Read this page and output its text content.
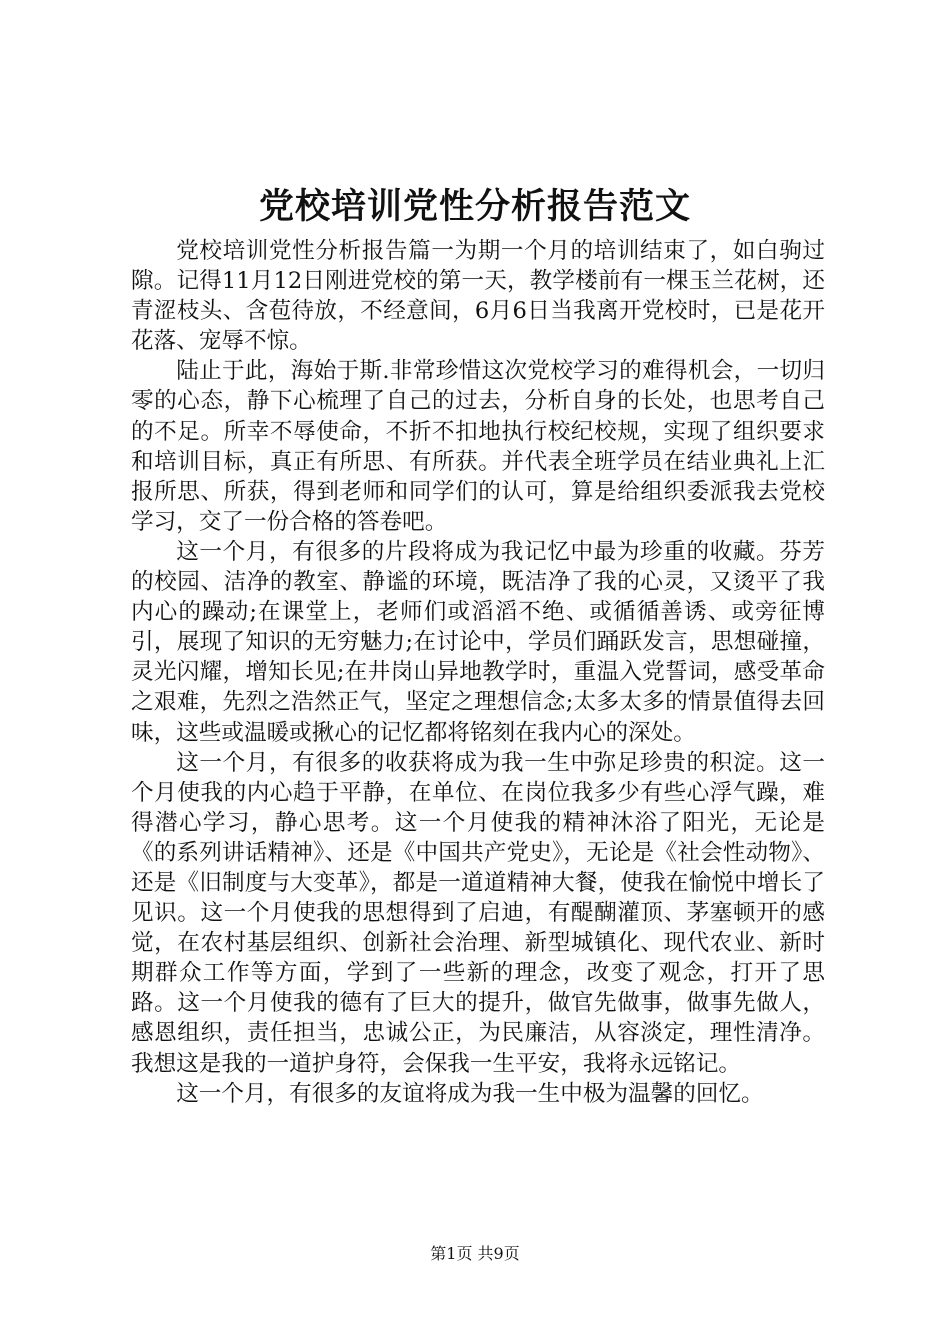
党校培训党性分析报告范文

党校培训党性分析报告篇一为期一个月的培训结束了，如白驹过隙。记得11月12日刚进党校的第一天，教学楼前有一棵玉兰花树，还青涩枝头、含苞待放，不经意间，6月6日当我离开党校时，已是花开花落、宠辱不惊。

陆止于此，海始于斯.非常珍惜这次党校学习的难得机会，一切归零的心态，静下心梳理了自己的过去，分析自身的长处，也思考自己的不足。所幸不辱使命，不折不扣地执行校纪校规，实现了组织要求和培训目标，真正有所思、有所获。并代表全班学员在结业典礼上汇报所思、所获，得到老师和同学们的认可，算是给组织委派我去党校学习，交了一份合格的答卷吧。

这一个月，有很多的片段将成为我记忆中最为珍重的收藏。芬芳的校园、洁净的教室、静谧的环境，既洁净了我的心灵，又烫平了我内心的躁动;在课堂上，老师们或滔滔不绝、或循循善诱、或旁征博引，展现了知识的无穷魅力;在讨论中，学员们踊跃发言，思想碰撞，灵光闪耀，增知长见;在井岗山异地教学时，重温入党誓词，感受革命之艰难，先烈之浩然正气，坚定之理想信念;太多太多的情景值得去回味，这些或温暖或揪心的记忆都将铭刻在我内心的深处。

这一个月，有很多的收获将成为我一生中弥足珍贵的积淀。这一个月使我的内心趋于平静，在单位、在岗位我多少有些心浮气躁，难得潜心学习，静心思考。这一个月使我的精神沐浴了阳光，无论是《的系列讲话精神》、还是《中国共产党史》，无论是《社会性动物》、还是《旧制度与大变革》，都是一道道精神大餐，使我在愉悦中增长了见识。这一个月使我的思想得到了启迪，有醍醐灌顶、茅塞顿开的感觉，在农村基层组织、创新社会治理、新型城镇化、现代农业、新时期群众工作等方面，学到了一些新的理念，改变了观念，打开了思路。这一个月使我的德有了巨大的提升，做官先做事，做事先做人，感恩组织，责任担当，忠诚公正，为民廉洁，从容淡定，理性清净。我想这是我的一道护身符，会保我一生平安，我将永远铭记。

这一个月，有很多的友谊将成为我一生中极为温馨的回忆。

第1页 共9页
